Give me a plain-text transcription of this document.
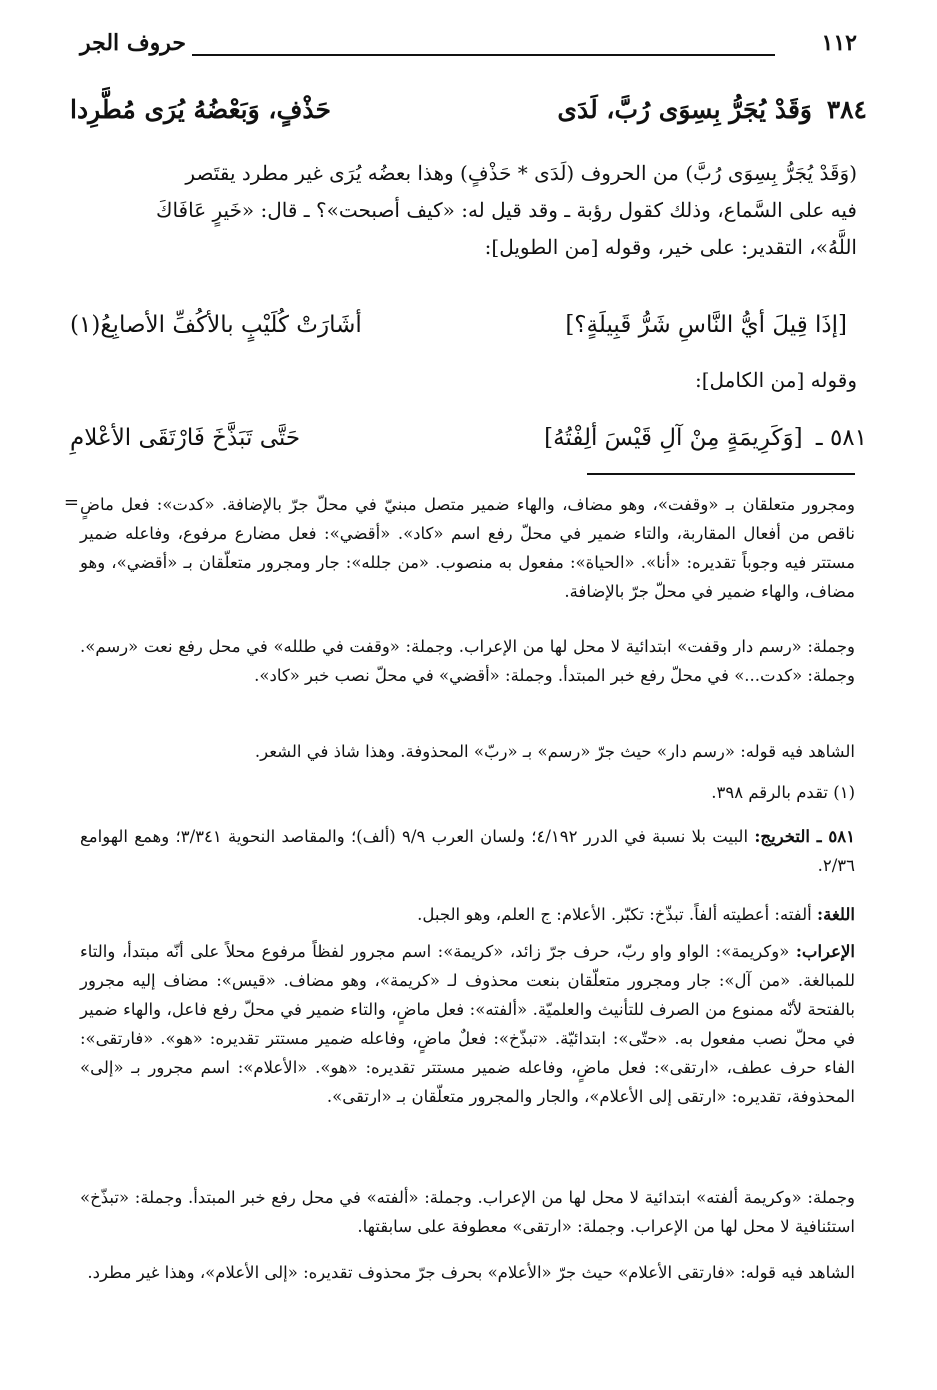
١١٢
حروف الجر
٣٨٤ وَقَدْ يُجَرُّ بِسِوَى رُبَّ، لَدَى
حَذْفٍ، وَبَعْضُهُ يُرَى مُطَّرِدا
(وَقَدْ يُجَرُّ بِسِوَى رُبَّ) من الحروف (لَدَى * حَذْفٍ) وهذا بعضُه يُرَى غير مطرد يقتَصر
فيه على السَّماع، وذلك كقول رؤبة ـ وقد قيل له: «كيف أصبحت»؟ ـ قال: «خَيرٍ عَافَاكَ
اللَّهُ»، التقدير: على خير، وقوله [من الطويل]:
[إذَا قِيلَ أيُّ النَّاسِ شَرُّ قَبِيلَةٍ؟]
أشَارَتْ كُلَيْبٍ بالأكُفِّ الأصابِعُ(١)
وقوله [من الكامل]:
٥٨١ ـ [وَكَرِيمَةٍ مِنْ آلِ قَيْسَ ألِفْتُهُ]
حَتَّى تَبَذَّخَ فَارْتَقَى الأعْلامِ
= ومجرور متعلقان بـ «وقفت»، وهو مضاف، والهاء ضمير متصل مبنيّ في محلّ جرّ بالإضافة. «كدت»: فعل ماضٍ ناقص من أفعال المقاربة، والتاء ضمير في محلّ رفع اسم «كاد». «أقضي»: فعل مضارع مرفوع، وفاعله ضمير مستتر فيه وجوباً تقديره: «أنا». «الحياة»: مفعول به منصوب. «من جلله»: جار ومجرور متعلّقان بـ «أقضي»، وهو مضاف، والهاء ضمير في محلّ جرّ بالإضافة.
وجملة: «رسم دار وقفت» ابتدائية لا محل لها من الإعراب. وجملة: «وقفت في طلله» في محل رفع نعت «رسم». وجملة: «كدت...» في محلّ رفع خبر المبتدأ. وجملة: «أقضي» في محلّ نصب خبر «كاد».
الشاهد فيه قوله: «رسم دار» حيث جرّ «رسم» بـ «ربّ» المحذوفة. وهذا شاذ في الشعر.
(١) تقدم بالرقم ٣٩٨.
٥٨١ ـ التخريج: البيت بلا نسبة في الدرر ٤/١٩٢؛ ولسان العرب ٩/٩ (ألف)؛ والمقاصد النحوية ٣/٣٤١؛ وهمع الهوامع ٢/٣٦.
اللغة: ألفته: أعطيته ألفاً. تبذّخ: تكبّر. الأعلام: ج العلم، وهو الجبل.
الإعراب: «وكريمة»: الواو واو ربّ، حرف جرّ زائد، «كريمة»: اسم مجرور لفظاً مرفوع محلاً على أنّه مبتدأ، والتاء للمبالغة. «من آل»: جار ومجرور متعلّقان بنعت محذوف لـ «كريمة»، وهو مضاف. «قيس»: مضاف إليه مجرور بالفتحة لأنّه ممنوع من الصرف للتأنيث والعلميّة. «ألفته»: فعل ماضٍ، والتاء ضمير في محلّ رفع فاعل، والهاء ضمير في محلّ نصب مفعول به. «حتّى»: ابتدائيّة. «تبذّخ»: فعلٌ ماضٍ، وفاعله ضمير مستتر تقديره: «هو». «فارتقى»: الفاء حرف عطف، «ارتقى»: فعل ماضٍ، وفاعله ضمير مستتر تقديره: «هو». «الأعلام»: اسم مجرور بـ «إلى» المحذوفة، تقديره: «ارتقى إلى الأعلام»، والجار والمجرور متعلّقان بـ «ارتقى».
وجملة: «وكريمة ألفته» ابتدائية لا محل لها من الإعراب. وجملة: «ألفته» في محل رفع خبر المبتدأ. وجملة: «تبذّخ» استئنافية لا محل لها من الإعراب. وجملة: «ارتقى» معطوفة على سابقتها.
الشاهد فيه قوله: «فارتقى الأعلام» حيث جرّ «الأعلام» بحرف جرّ محذوف تقديره: «إلى الأعلام»، وهذا غير مطرد.
